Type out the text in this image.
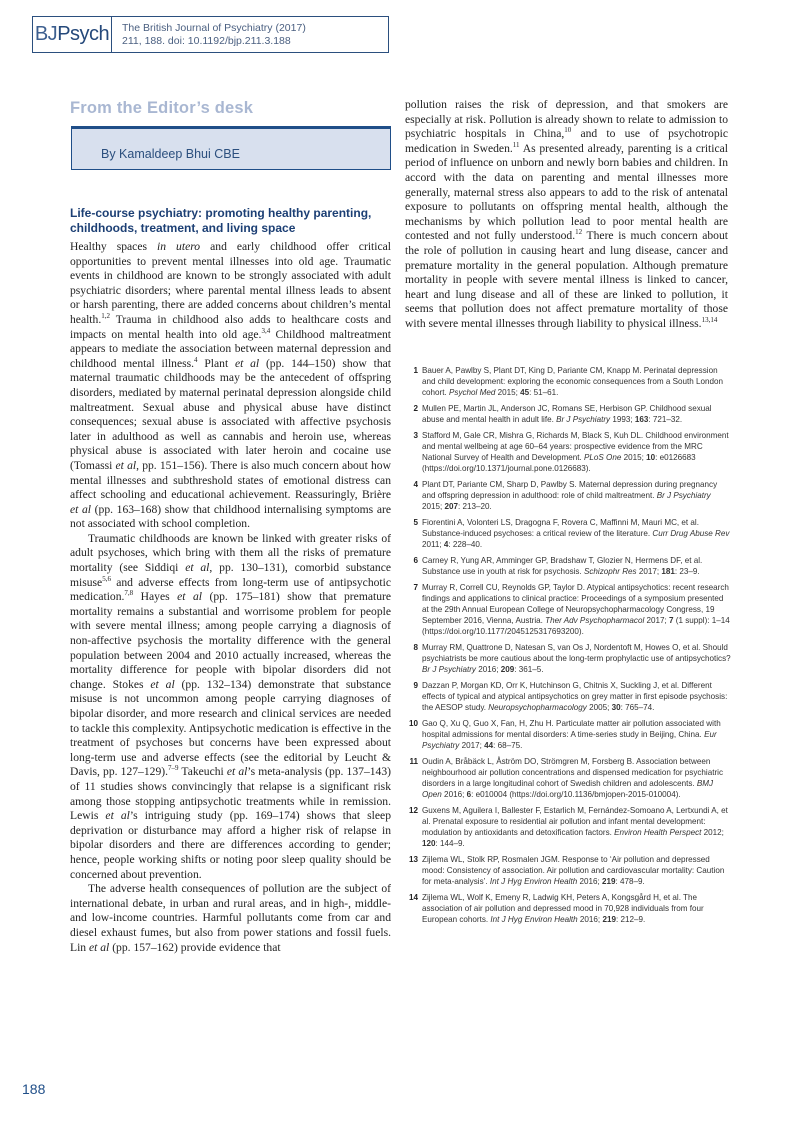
BJ Psych The British Journal of Psychiatry (2017)
211, 188. doi: 10.1192/bjp.211.3.188
From the Editor’s desk
By Kamaldeep Bhui CBE
Life-course psychiatry: promoting healthy parenting, childhoods, treatment, and living space

Healthy spaces in utero and early childhood offer critical opportunities to prevent mental illnesses into old age. Traumatic events in childhood are known to be strongly associated with adult psychiatric disorders; where parental mental illness leads to absent or harsh parenting, there are added concerns about children’s mental health.$^{1,2}$ Trauma in childhood also adds to healthcare costs and impacts on mental health into old age.$^{3,4}$ Childhood maltreatment appears to mediate the association between maternal depression and childhood mental illness.$^4$ Plant et al (pp. 144–150) show that maternal traumatic childhoods may be the antecedent of offspring disorders, mediated by maternal perinatal depression alongside child maltreatment. Sexual abuse and physical abuse have distinct consequences; sexual abuse is associated with affective psychosis later in adulthood as well as cannabis and heroin use, whereas physical abuse is associated with later heroin and cocaine use (Tomassi et al, pp. 151–156). There is also much concern about how mental illnesses and subthreshold states of emotional distress can affect schooling and educational achievement. Reassuringly, Brière et al (pp. 163–168) show that childhood internalising symptoms are not associated with school completion.

Traumatic childhoods are known be linked with greater risks of adult psychoses, which bring with them all the risks of premature mortality (see Siddiqi et al, pp. 130–131), comorbid substance misuse$^{5,6}$ and adverse effects from long-term use of antipsychotic medication.$^{7,8}$ Hayes et al (pp. 175–181) show that premature mortality remains a substantial and worrisome problem for people with severe mental illness; among people carrying a diagnosis of non-affective psychosis the mortality difference with the general population between 2004 and 2010 actually increased, whereas the mortality difference for people with bipolar disorders did not change. Stokes et al (pp. 132–134) demonstrate that substance misuse is not uncommon among people carrying diagnoses of bipolar disorder, and more research and clinical services are needed to tackle this complexity. Antipsychotic medication is effective in the treatment of psychoses but concerns have been expressed about long-term use and adverse effects (see the editorial by Leucht & Davis, pp. 127–129).$^{7-9}$ Takeuchi et al’s meta-analysis (pp. 137–143) of 11 studies shows convincingly that relapse is a significant risk among those stopping antipsychotic treatments while in remission. Lewis et al’s intriguing study (pp. 169–174) shows that sleep deprivation or disturbance may afford a higher risk of relapse in bipolar disorders and there are differences according to gender; hence, people working shifts or noting poor sleep quality should be concerned about prevention.

The adverse health consequences of pollution are the subject of international debate, in urban and rural areas, and in high-, middle- and low-income countries. Harmful pollutants come from car and diesel exhaust fumes, but also from power stations and fossil fuels. Lin et al (pp. 157–162) provide evidence that

pollution raises the risk of depression, and that smokers are especially at risk. Pollution is already shown to relate to admission to psychiatric hospitals in China,$^{10}$ and to use of psychotropic medication in Sweden.$^{11}$ As presented already, parenting is a critical period of influence on unborn and newly born babies and children. In accord with the data on parenting and mental illnesses more generally, maternal stress also appears to add to the risk of antenatal exposure to pollutants on offspring mental health, although the mechanisms by which pollution lead to poor mental health are contested and not fully understood.$^{12}$ There is much concern about the role of pollution in causing heart and lung disease, cancer and premature mortality in the general population. Although premature mortality in people with severe mental illness is linked to cancer, heart and lung disease and all of these are linked to pollution, it seems that pollution does not affect premature mortality of those with severe mental illnesses through liability to physical illness.$^{13,14}$

1 Bauer A, Pawlby S, Plant DT, King D, Pariante CM, Knapp M. Perinatal depression and child development: exploring the economic consequences from a South London cohort. Psychol Med 2015; 45: 51–61.
2 Mullen PE, Martin JL, Anderson JC, Romans SE, Herbison GP. Childhood sexual abuse and mental health in adult life. Br J Psychiatry 1993; 163: 721–32.
3 Stafford M, Gale CR, Mishra G, Richards M, Black S, Kuh DL. Childhood environment and mental wellbeing at age 60–64 years: prospective evidence from the MRC National Survey of Health and Development. PLoS One 2015; 10: e0126683 (https://doi.org/10.1371/journal.pone.0126683).
4 Plant DT, Pariante CM, Sharp D, Pawlby S. Maternal depression during pregnancy and offspring depression in adulthood: role of child maltreatment. Br J Psychiatry 2015; 207: 213–20.
5 Fiorentini A, Volonteri LS, Dragogna F, Rovera C, Maffinni M, Mauri MC, et al. Substance-induced psychoses: a critical review of the literature. Curr Drug Abuse Rev 2011; 4: 228–40.
6 Carney R, Yung AR, Amminger GP, Bradshaw T, Glozier N, Hermens DF, et al. Substance use in youth at risk for psychosis. Schizophr Res 2017; 181: 23–9.
7 Murray R, Correll CU, Reynolds GP, Taylor D. Atypical antipsychotics: recent research findings and applications to clinical practice: Proceedings of a symposium presented at the 29th Annual European College of Neuropsychopharmacology Congress, 19 September 2016, Vienna, Austria. Ther Adv Psychopharmacol 2017; 7 (1 suppl): 1–14 (https://doi.org/10.1177/2045125317693200).
8 Murray RM, Quattrone D, Natesan S, van Os J, Nordentoft M, Howes O, et al. Should psychiatrists be more cautious about the long-term prophylactic use of antipsychotics? Br J Psychiatry 2016; 209: 361–5.
9 Dazzan P, Morgan KD, Orr K, Hutchinson G, Chitnis X, Suckling J, et al. Different effects of typical and atypical antipsychotics on grey matter in first episode psychosis: the AESOP study. Neuropsychopharmacology 2005; 30: 765–74.
10 Gao Q, Xu Q, Guo X, Fan, H, Zhu H. Particulate matter air pollution associated with hospital admissions for mental disorders: A time-series study in Beijing, China. Eur Psychiatry 2017; 44: 68–75.
11 Oudin A, Bråbäck L, Åström DO, Strömgren M, Forsberg B. Association between neighbourhood air pollution concentrations and dispensed medication for psychiatric disorders in a large longitudinal cohort of Swedish children and adolescents. BMJ Open 2016; 6: e010004 (https://doi.org/10.1136/bmjopen-2015-010004).
12 Guxens M, Aguilera I, Ballester F, Estarlich M, Fernández-Somoano A, Lertxundi A, et al. Prenatal exposure to residential air pollution and infant mental development: modulation by antioxidants and detoxification factors. Environ Health Perspect 2012; 120: 144–9.
13 Zijlema WL, Stolk RP, Rosmalen JGM. Response to ‘Air pollution and depressed mood: Consistency of association. Air pollution and cardiovascular mortality: Caution for meta-analysis’. Int J Hyg Environ Health 2016; 219: 478–9.
14 Zijlema WL, Wolf K, Emeny R, Ladwig KH, Peters A, Kongsgård H, et al. The association of air pollution and depressed mood in 70,928 individuals from four European cohorts. Int J Hyg Environ Health 2016; 219: 212–9.
188
